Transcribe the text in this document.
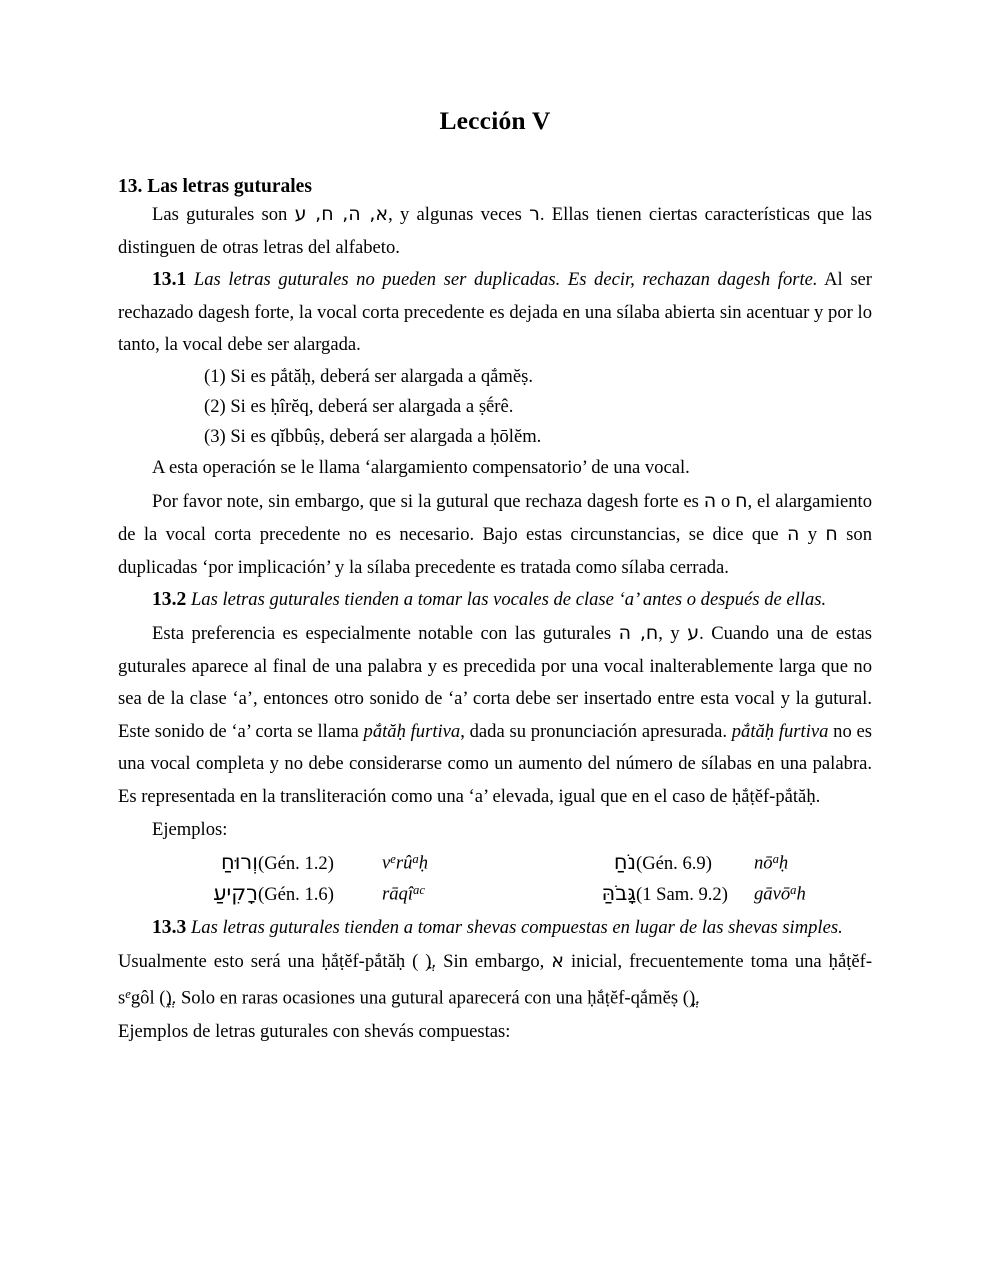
Lección V
13. Las letras guturales

Las guturales son א, ה, ח, ע, y algunas veces ר. Ellas tienen ciertas características que las distinguen de otras letras del alfabeto.

13.1 Las letras guturales no pueden ser duplicadas. Es decir, rechazan dagesh forte. Al ser rechazado dagesh forte, la vocal corta precedente es dejada en una sílaba abierta sin acentuar y por lo tanto, la vocal debe ser alargada.

(1) Si es pắtăḥ, deberá ser alargada a qắmĕṣ.
(2) Si es ḥîrĕq, deberá ser alargada a ṣḗrê.
(3) Si es qĭbbûṣ, deberá ser alargada a ḥōlĕm.

A esta operación se le llama ‘alargamiento compensatorio’ de una vocal.

Por favor note, sin embargo, que si la gutural que rechaza dagesh forte es ה o ח, el alargamiento de la vocal corta precedente no es necesario. Bajo estas circunstancias, se dice que ה y ח son duplicadas ‘por implicación’ y la sílaba precedente es tratada como sílaba cerrada.

13.2 Las letras guturales tienden a tomar las vocales de clase ‘a’ antes o después de ellas.

Esta preferencia es especialmente notable con las guturales ח, ה, y ע. Cuando una de estas guturales aparece al final de una palabra y es precedida por una vocal inalterablemente larga que no sea de la clase ‘a’, entonces otro sonido de ‘a’ corta debe ser insertado entre esta vocal y la gutural. Este sonido de ‘a’ corta se llama pắtăḥ furtiva, dada su pronunciación apresurada. pắtăḥ furtiva no es una vocal completa y no debe considerarse como un aumento del número de sílabas en una palabra. Es representada en la transliteración como una ‘a’ elevada, igual que en el caso de ḥắṭĕf-pắtăḥ.

Ejemplos:

וְרוּחַ	(Gén. 1.2)	$v^erû^aḥ$	נֹחַ	(Gén. 6.9)	$nō^aḥ$
רָקִיעַ	(Gén. 1.6)	rāqî$^{ac}$	גָּבֹהַּ	(1 Sam. 9.2)	gāvō$^a$h

13.3 Las letras guturales tienden a tomar shevas compuestas en lugar de las shevas simples.

Usualmente esto será una ḥắṭĕf-pắtăḥ ( ). Sin embargo, א inicial, frecuentemente toma una ḥắṭĕf-$s^egôl$ (). Solo en raras ocasiones una gutural aparecerá con una ḥắṭĕf-qắmĕṣ ().

Ejemplos de letras guturales con shevás compuestas:
